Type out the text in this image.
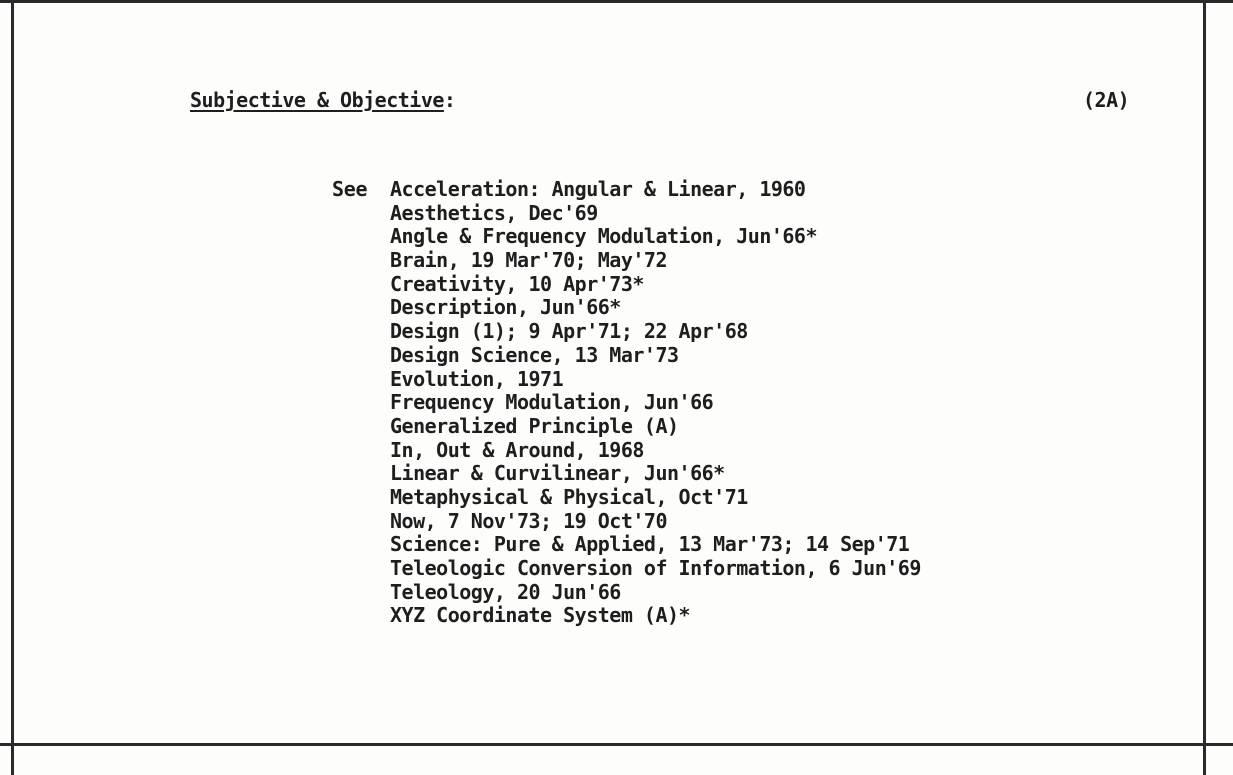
Subjective & Objective:	(2A)
See Acceleration: Angular & Linear, 1960
Aesthetics, Dec'69
Angle & Frequency Modulation, Jun'66*
Brain, 19 Mar'70; May'72
Creativity, 10 Apr'73*
Description, Jun'66*
Design (1); 9 Apr'71; 22 Apr'68
Design Science, 13 Mar'73
Evolution, 1971
Frequency Modulation, Jun'66
Generalized Principle (A)
In, Out & Around, 1968
Linear & Curvilinear, Jun'66*
Metaphysical & Physical, Oct'71
Now, 7 Nov'73; 19 Oct'70
Science: Pure & Applied, 13 Mar'73; 14 Sep'71
Teleologic Conversion of Information, 6 Jun'69
Teleology, 20 Jun'66
XYZ Coordinate System (A)*
